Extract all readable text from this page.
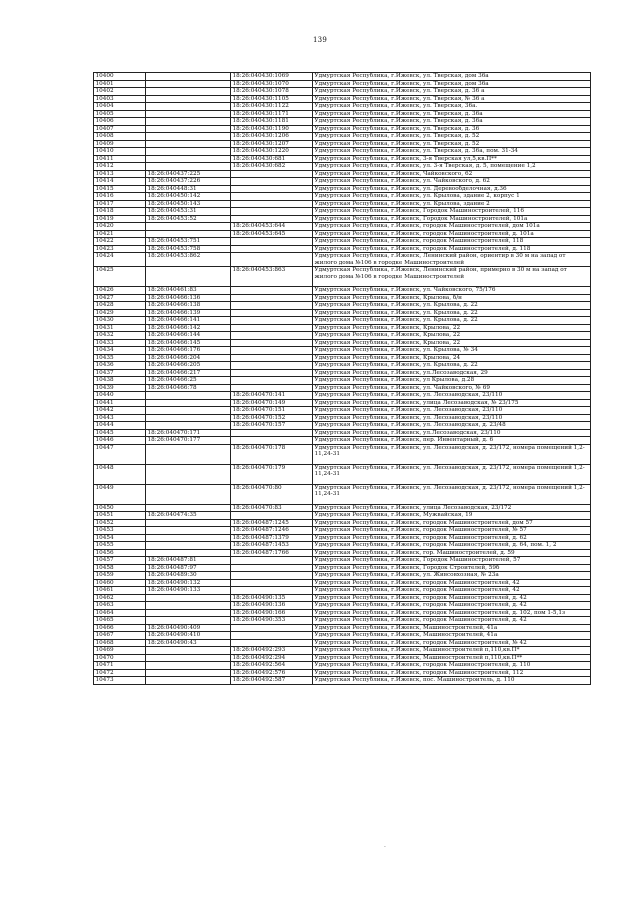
139
10400		18:26:040430:1069	Удмуртская Республика, г.Ижевск, ул. Тверская, дом 36а
10401		18:26:040430:1070	Удмуртская Республика, г.Ижевск, ул. Тверская, дом 36а
10402		18:26:040430:1078	Удмуртская Республика, г.Ижевск, ул. Тверская, д. 36 а
10403		18:26:040430:1105	Удмуртская Республика, г.Ижевск, ул. Тверская, № 36 а
10404		18:26:040430:1122	Удмуртская Республика, г.Ижевск, ул. Тверская, 36а.
10405		18:26:040430:1171	Удмуртская Республика, г.Ижевск, ул. Тверская, д. 36а
10406		18:26:040430:1181	Удмуртская Республика, г.Ижевск, ул. Тверская, д. 36а
10407		18:26:040430:1190	Удмуртская Республика, г.Ижевск, ул. Тверская, д. 36
10408		18:26:040430:1206	Удмуртская Республика, г.Ижевск, ул. Тверская, д. 52
10409		18:26:040430:1207	Удмуртская Республика, г.Ижевск, ул. Тверская, д. 52
10410		18:26:040430:1220	Удмуртская Республика, г.Ижевск, ул. Тверская, д. 36а, пом. 31-34
10411		18:26:040430:681	Удмуртская Республика, г.Ижевск, 3-я Тверская ул,5,кв.П**
10412		18:26:040430:682	Удмуртская Республика, г.Ижевск, ул. 3-я Тверская, д. 5, помещение 1,2
10413	18:26:040437:225		Удмуртская Республика, г.Ижевск, Чайковского, 62
10414	18:26:040437:226		Удмуртская Республика, г.Ижевск, ул. Чайковского, д. 62
10415	18:26:040448:31		Удмуртская Республика, г.Ижевск, ул. Деревообделочная, д.36
10416	18:26:040450:142		Удмуртская Республика, г.Ижевск, ул. Крылова, здание 2, корпус 1
10417	18:26:040450:143		Удмуртская Республика, г.Ижевск, ул. Крылова, здание 2
10418	18:26:040453:31		Удмуртская Республика, г.Ижевск, Городок Машиностроителей, 116
10419	18:26:040453:52		Удмуртская Республика, г.Ижевск, Городок Машиностроителей, 101а
10420		18:26:040453:644	Удмуртская Республика, г.Ижевск, городок Машиностроителей, дом 101а
10421		18:26:040453:645	Удмуртская Республика, г.Ижевск, городок Машиностроителей, д. 101а
10422	18:26:040453:751		Удмуртская Республика, г.Ижевск, городок Машиностроителей, 118
10423	18:26:040453:758		Удмуртская Республика, г.Ижевск, городок Машиностроителей, д. 118
10424	18:26:040453:862		Удмуртская Республика, г.Ижевск, Ленинский район, ориентир в 30 м на запад от жилого дома №106 в городке Машиностроителей
10425		18:26:040453:863	Удмуртская Республика, г.Ижевск, Ленинский район, примерно в 30 м на запад от жилого дома №106 в городке Машиностроителей
10426	18:26:040461:83		Удмуртская Республика, г.Ижевск, ул. Чайковского, 75/176
10427	18:26:040466:136		Удмуртская Республика, г.Ижевск, Крылова, б/н
10428	18:26:040466:138		Удмуртская Республика, г.Ижевск, ул. Крылова, д. 22
10429	18:26:040466:139		Удмуртская Республика, г.Ижевск, ул. Крылова, д. 22
10430	18:26:040466:141		Удмуртская Республика, г.Ижевск, ул. Крылова, д. 22
10431	18:26:040466:142		Удмуртская Республика, г.Ижевск, Крылова, 22
10432	18:26:040466:144		Удмуртская Республика, г.Ижевск, Крылова, 22
10433	18:26:040466:145		Удмуртская Республика, г.Ижевск, Крылова, 22
10434	18:26:040466:176		Удмуртская Республика, г.Ижевск, ул. Крылова, № 34
10435	18:26:040466:204		Удмуртская Республика, г.Ижевск, Крылова, 24
10436	18:26:040466:205		Удмуртская Республика, г.Ижевск, ул. Крылова, д. 22
10437	18:26:040466:217		Удмуртская Республика, г.Ижевск, ул.Лесозаводская, 29
10438	18:26:040466:25		Удмуртская Республика, г.Ижевск, ул Крылова, д.28
10439	18:26:040466:78		Удмуртская Республика, г.Ижевск, ул. Чайковского, № 69
10440		18:26:040470:141	Удмуртская Республика, г.Ижевск, ул. Лесозаводская, 23/110
10441		18:26:040470:149	Удмуртская Республика, г.Ижевск, улица Лесозаводская, № 23/175
10442		18:26:040470:151	Удмуртская Республика, г.Ижевск, ул. Лесозаводская, 23/110
10443		18:26:040470:152	Удмуртская Республика, г.Ижевск, ул. Лесозаводская, 23/110
10444		18:26:040470:157	Удмуртская Республика, г.Ижевск, ул. Лесозаводская, д. 23/48
10445	18:26:040470:171		Удмуртская Республика, г.Ижевск, ул.Лесозаводская, 23/110
10446	18:26:040470:177		Удмуртская Республика, г.Ижевск, пер. Инвентарный, д. 6
10447		18:26:040470:178	Удмуртская Республика, г.Ижевск, ул. Лесозаводская, д. 23/172, номера помещений 1,2-11,24-31
10448		18:26:040470:179	Удмуртская Республика, г.Ижевск, ул. Лесозаводская, д. 23/172, номера помещений 1,2-11,24-31
10449		18:26:040470:80	Удмуртская Республика, г.Ижевск, ул. Лесозаводская, д. 23/172, номера помещений 1,2-11,24-31
10450		18:26:040470:83	Удмуртская Республика, г.Ижевск, улица Лесозаводская, 23/172
10451	18:26:040474:35		Удмуртская Республика, г.Ижевск, Мужвайская, 19
10452		18:26:040487:1245	Удмуртская Республика, г.Ижевск, городок Машиностроителей, дом 57
10453		18:26:040487:1246	Удмуртская Республика, г.Ижевск, городок Машиностроителей, № 57
10454		18:26:040487:1379	Удмуртская Республика, г.Ижевск, городок Машиностроителей, д. 62
10455		18:26:040487:1453	Удмуртская Республика, г.Ижевск, городок Машиностроителей, д. 64, пом. 1, 2
10456		18:26:040487:1766	Удмуртская Республика, г.Ижевск, гор. Машиностроителей, д. 59
10457	18:26:040487:81		Удмуртская Республика, г.Ижевск, Городок Машиностроителей, 57
10458	18:26:040487:97		Удмуртская Республика, г.Ижевск, Городок Строителей, 59б
10459	18:26:040489:30		Удмуртская Республика, г.Ижевск, ул. Живсовхозная, № 23а
10460	18:26:040490:132		Удмуртская Республика, г.Ижевск, городок Машиностроителей, 42
10461	18:26:040490:133		Удмуртская Республика, г.Ижевск, городок Машиностроителей, 42
10462		18:26:040490:135	Удмуртская Республика, г.Ижевск, городок Машиностроителей, д. 42
10463		18:26:040490:136	Удмуртская Республика, г.Ижевск, городок Машиностроителей, д. 42
10464		18:26:040490:166	Удмуртская Республика, г.Ижевск, городок Машиностроителей, д. 102, пом 1-5,1з
10465		18:26:040490:353	Удмуртская Республика, г.Ижевск, городок Машиностроителей, д. 42
10466	18:26:040490:409		Удмуртская Республика, г.Ижевск, Машиностроителей, 41а
10467	18:26:040490:410		Удмуртская Республика, г.Ижевск, Машиностроителей, 41а
10468	18:26:040490:43		Удмуртская Республика, г.Ижевск, городок Машиностроителей, № 42
10469		18:26:040492:293	Удмуртская Республика, г.Ижевск, Машиностроителей п,110,кв.П*
10470		18:26:040492:294	Удмуртская Республика, г.Ижевск, Машиностроителей п,110,кв.П**
10471		18:26:040492:564	Удмуртская Республика, г.Ижевск, городок Машиностроителей, д. 110
10472		18:26:040492:576	Удмуртская Республика, г.Ижевск, городок Машиностроителей, 112
10473		18:26:040492:587	Удмуртская Республика, г.Ижевск, пос. Машиностроитель, д. 110
.
